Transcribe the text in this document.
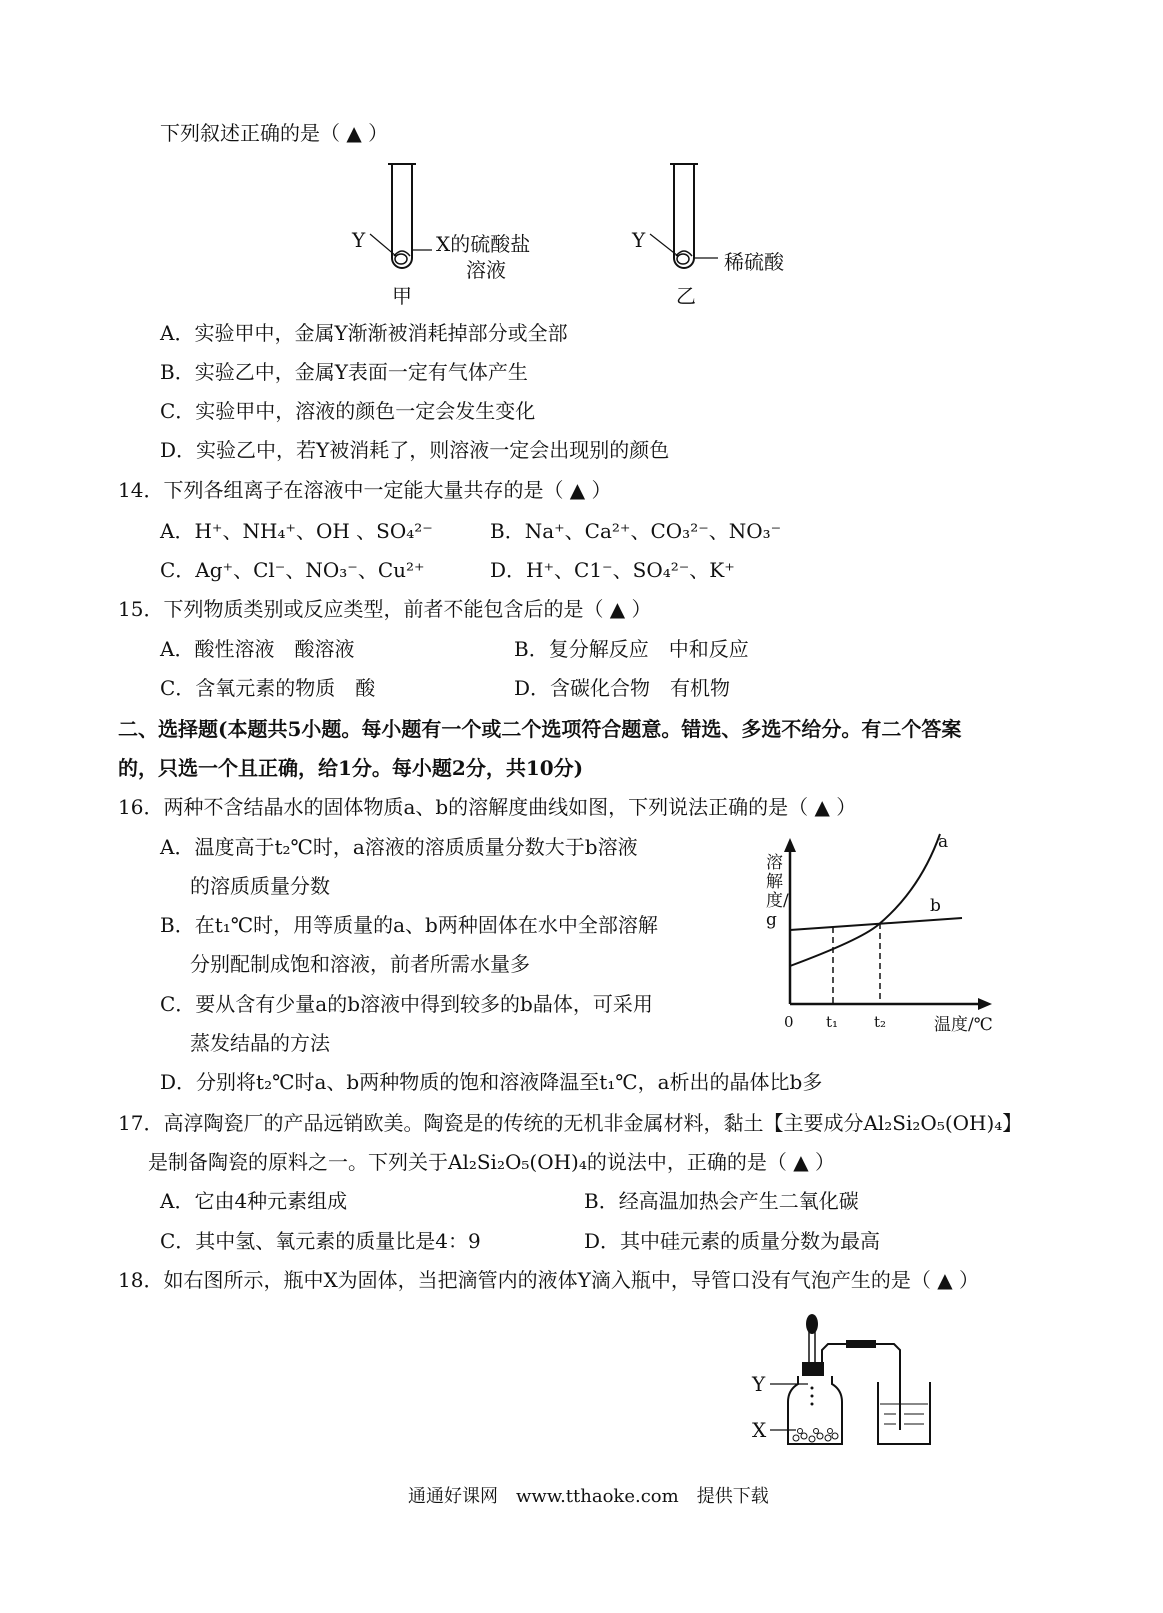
下列叙述正确的是（ ▲ ）
Y	X的硫酸盐
溶液
甲
Y
稀硫酸
乙
A．实验甲中，金属Y渐渐被消耗掉部分或全部
B．实验乙中，金属Y表面一定有气体产生
C．实验甲中，溶液的颜色一定会发生变化
D．实验乙中，若Y被消耗了，则溶液一定会出现别的颜色
14．下列各组离子在溶液中一定能大量共存的是（ ▲ ）
A．H⁺、NH₄⁺、OH 、SO₄²⁻	B．Na⁺、Ca²⁺、CO₃²⁻、NO₃⁻
C．Ag⁺、Cl⁻、NO₃⁻、Cu²⁺	D．H⁺、C1⁻、SO₄²⁻、K⁺
15．下列物质类别或反应类型，前者不能包含后的是（ ▲ ）
A．酸性溶液　酸溶液	B．复分解反应　中和反应
C．含氧元素的物质　酸	D．含碳化合物　有机物
二、选择题(本题共5小题。每小题有一个或二个选项符合题意。错选、多选不给分。有二个答案
的，只选一个且正确，给1分。每小题2分，共10分)
16．两种不含结晶水的固体物质a、b的溶解度曲线如图，下列说法正确的是（ ▲ ）
A．温度高于t₂℃时，a溶液的溶质质量分数大于b溶液
的溶质质量分数
B．在t₁℃时，用等质量的a、b两种固体在水中全部溶解
分别配制成饱和溶液，前者所需水量多
C．要从含有少量a的b溶液中得到较多的b晶体，可采用
蒸发结晶的方法
D．分别将t₂℃时a、b两种物质的饱和溶液降温至t₁℃，a析出的晶体比b多
溶解度/g
0 t₁ t₂	温度/℃
a
b
17．高淳陶瓷厂的产品远销欧美。陶瓷是的传统的无机非金属材料，黏土【主要成分Al₂Si₂O₅(OH)₄】
是制备陶瓷的原料之一。下列关于Al₂Si₂O₅(OH)₄的说法中，正确的是（ ▲ ）
A．它由4种元素组成	B．经高温加热会产生二氧化碳
C．其中氢、氧元素的质量比是4：9	D．其中硅元素的质量分数为最高
18．如右图所示，瓶中X为固体，当把滴管内的液体Y滴入瓶中，导管口没有气泡产生的是（ ▲ ）
Y
X
通通好课网　www.tthaoke.com　提供下载
